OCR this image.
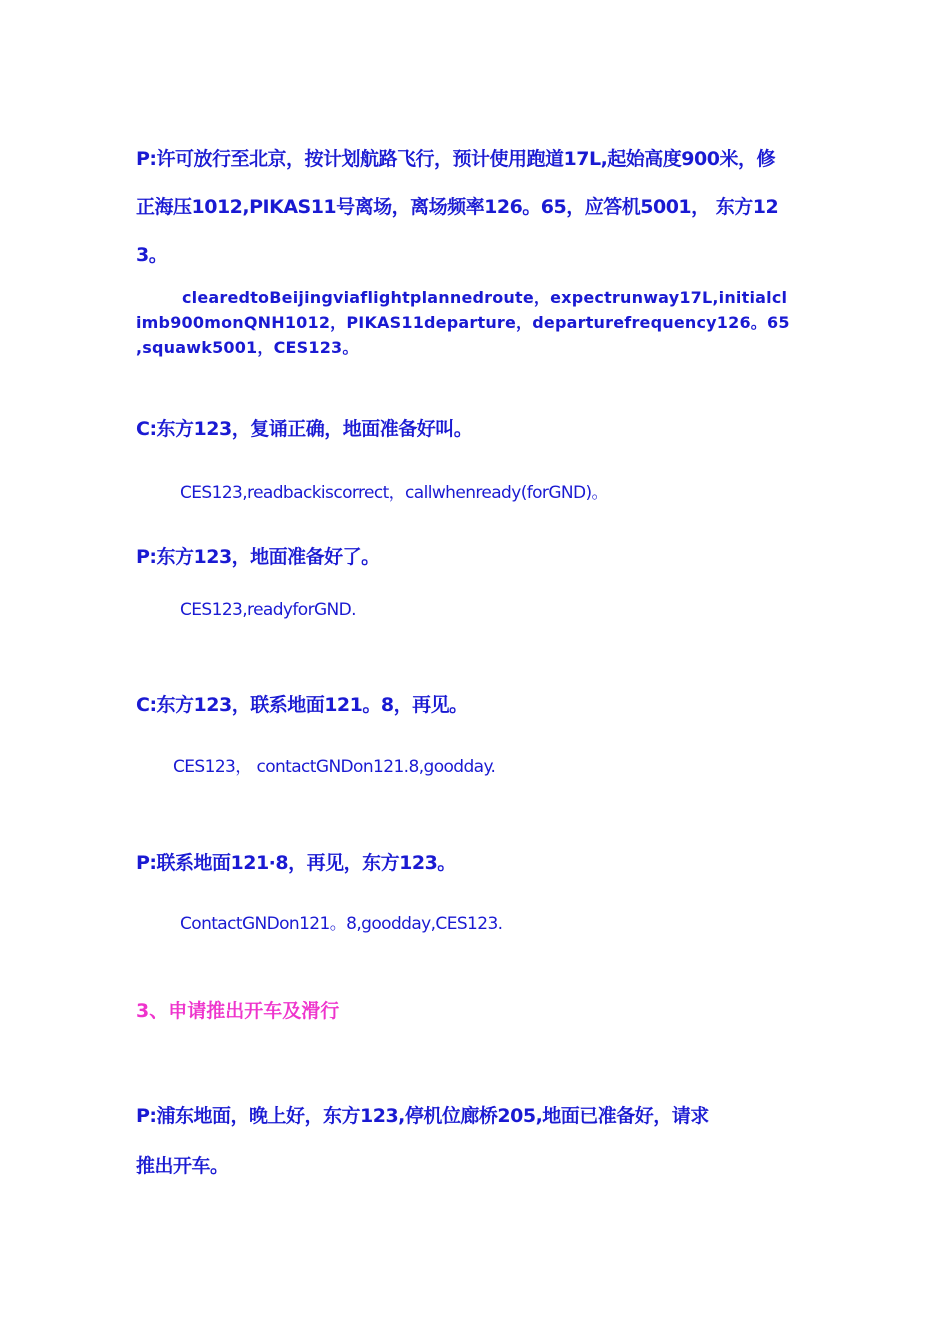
P:许可放行至北京，按计划航路飞行，预计使用跑道17L,起始高度900米，修

正海压1012,PIKAS11号离场，离场频率126。65，应答机5001， 东方12

3。

clearedtoBeijingviaflightplannedroute，expectrunway17L,initialcl

imb900monQNH1012，PIKAS11departure，departurefrequency126。65

,squawk5001，CES123。

C:东方123，复诵正确，地面准备好叫。

CES123,readbackiscorrect，callwhenready(forGND)。

P:东方123，地面准备好了。

CES123,readyforGND.

C:东方123，联系地面121。8，再见。

CES123， contactGNDon121.8,goodday.

P:联系地面121·8，再见，东方123。

ContactGNDon121。8,goodday,CES123.

3、申请推出开车及滑行

P:浦东地面，晚上好，东方123,停机位廊桥205,地面已准备好，请求

推出开车。
